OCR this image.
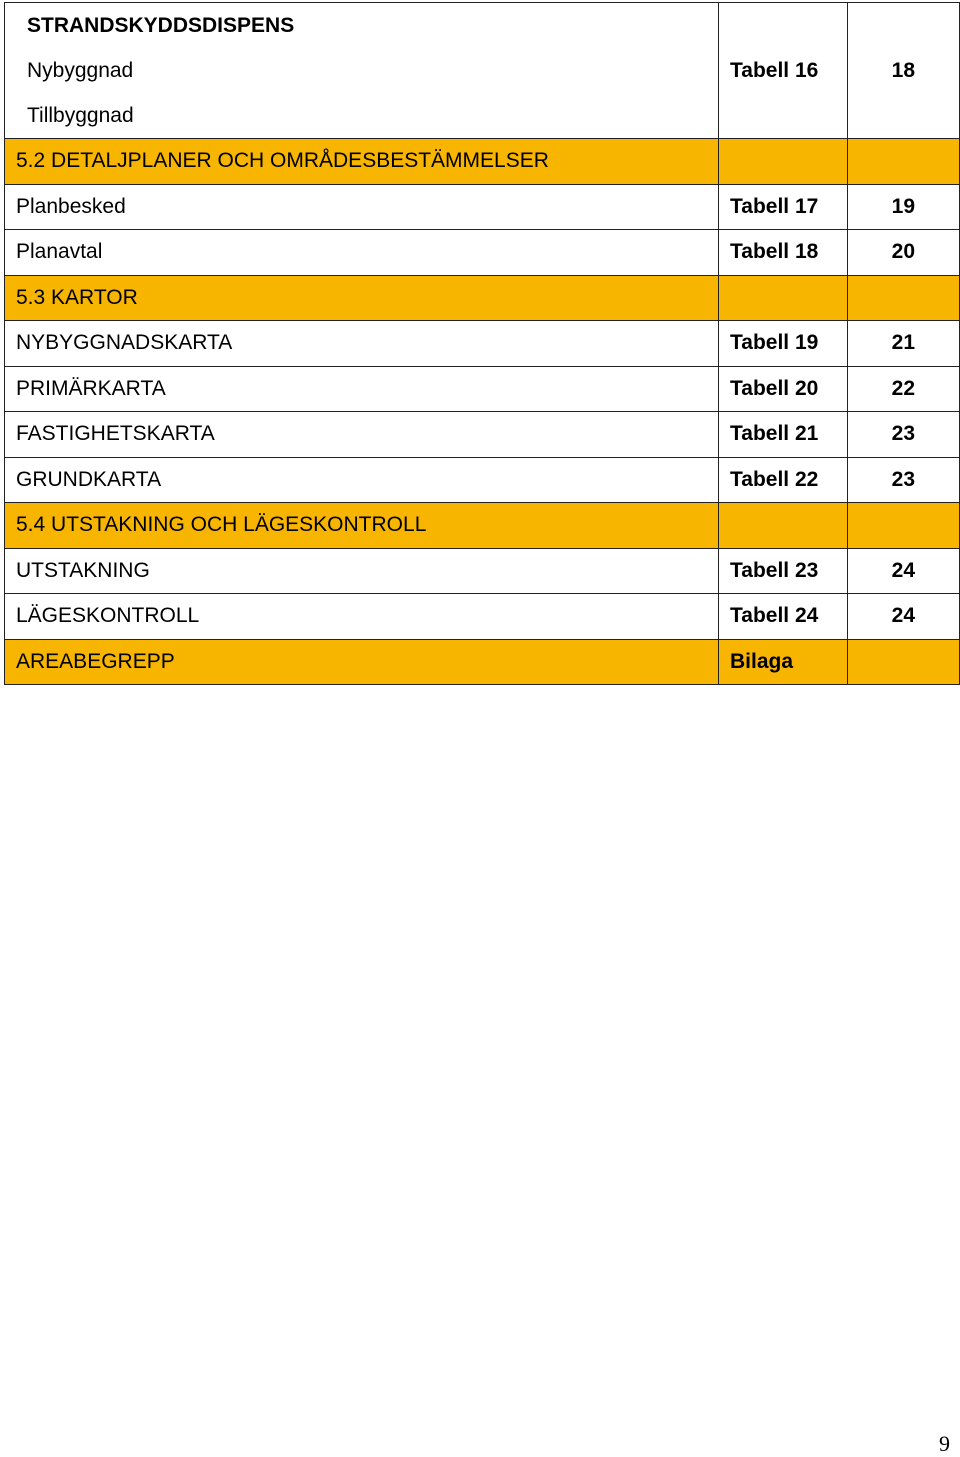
STRANDSKYDDSDISPENS
Nybyggnad
Tillbyggnad	Tabell 16	18

5.2 DETALJPLANER OCH OMRÅDESBESTÄMMELSER		
Planbesked	Tabell 17	19
Planavtal	Tabell 18	20
5.3 KARTOR		
NYBYGGNADSKARTA	Tabell 19	21
PRIMÄRKARTA	Tabell 20	22
FASTIGHETSKARTA	Tabell 21	23
GRUNDKARTA	Tabell 22	23
5.4 UTSTAKNING OCH LÄGESKONTROLL		
UTSTAKNING	Tabell 23	24
LÄGESKONTROLL	Tabell 24	24
AREABEGREPP	Bilaga	
9
